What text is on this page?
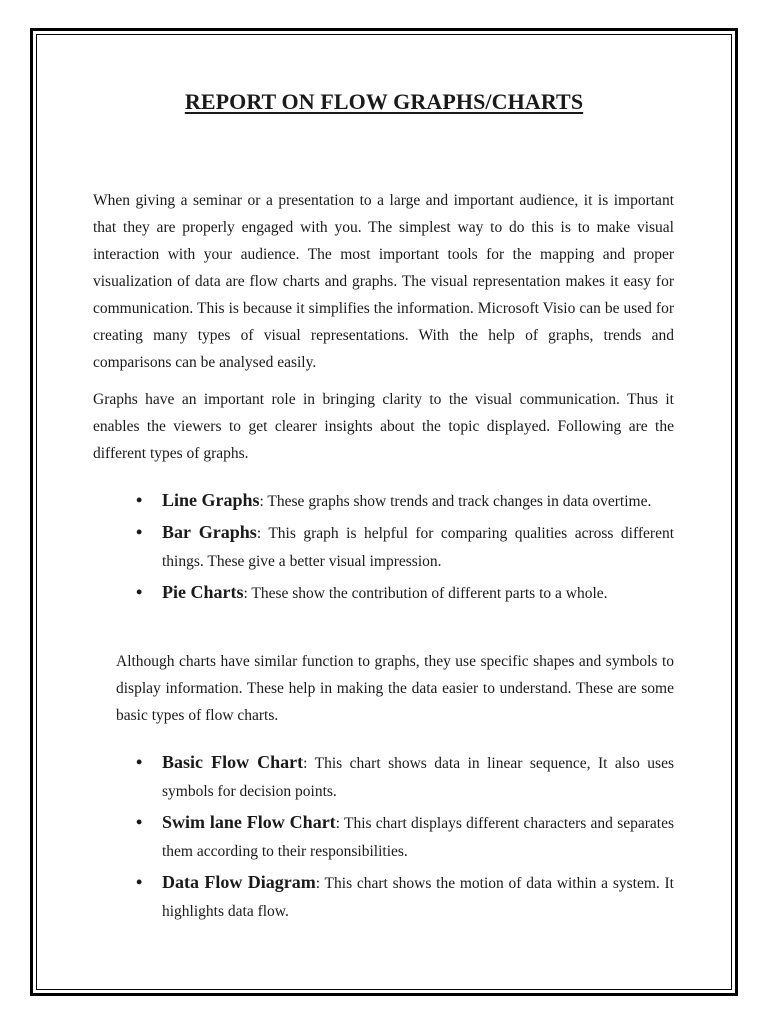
REPORT ON FLOW GRAPHS/CHARTS

When giving a seminar or a presentation to a large and important audience, it is important that they are properly engaged with you. The simplest way to do this is to make visual interaction with your audience. The most important tools for the mapping and proper visualization of data are flow charts and graphs. The visual representation makes it easy for communication. This is because it simplifies the information. Microsoft Visio can be used for creating many types of visual representations. With the help of graphs, trends and comparisons can be analysed easily.

Graphs have an important role in bringing clarity to the visual communication. Thus it enables the viewers to get clearer insights about the topic displayed. Following are the different types of graphs.

• Line Graphs: These graphs show trends and track changes in data overtime.
• Bar Graphs: This graph is helpful for comparing qualities across different things. These give a better visual impression.
• Pie Charts: These show the contribution of different parts to a whole.

Although charts have similar function to graphs, they use specific shapes and symbols to display information. These help in making the data easier to understand. These are some basic types of flow charts.

• Basic Flow Chart: This chart shows data in linear sequence, It also uses symbols for decision points.
• Swim lane Flow Chart: This chart displays different characters and separates them according to their responsibilities.
• Data Flow Diagram: This chart shows the motion of data within a system. It highlights data flow.
